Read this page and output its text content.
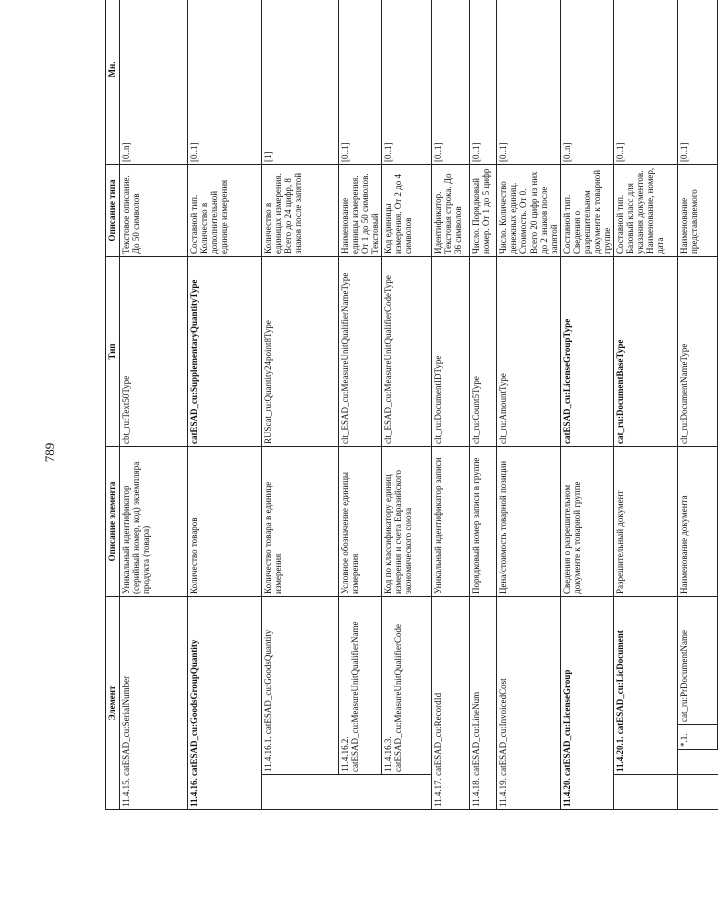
789
Элемент				Описание элемента	Тип	Описание типа	Мн.
11.4.15. catESAD_cu:SerialNumber				Уникальный идентификатор (серийный номер, код) экземпляра продукта (товара)	cbt_ru:Text50Type	Текстовое описание. До 50 символов	[0..n]
11.4.16. catESAD_cu:GoodsGroupQuantity				Количество товаров	catESAD_cu:SupplementaryQuantityType	Составной тип. Количество в дополнительной единице измерения	[0..1]
	11.4.16.1. catESAD_cu:GoodsQuantity			Количество товара в единице измерения	RUScat_ru:Quantity24point8Type	Количество в единицах измерения. Всего до 24 цифр, 8 знаков после запятой	[1]
	11.4.16.2. catESAD_cu:MeasureUnitQualifierName			Условное обозначение единицы измерения	clt_ESAD_cu:MeasureUnitQualifierNameType	Наименование единицы измерения. От 1 до 50 символов. Текстовый	[0..1]
	11.4.16.3. catESAD_cu:MeasureUnitQualifierCode			Код по классификатору единиц измерения и счета Евразийского экономического союза	clt_ESAD_cu:MeasureUnitQualifierCodeType	Код единицы измерения. От 2 до 4 символов	[0..1]
11.4.17. catESAD_cu:RecordId				Уникальный идентификатор записи	clt_ru:DocumentIDType	Идентификатор. Текстовая строка. До 36 символов	[0..1]
11.4.18. catESAD_cu:LineNum				Порядковый номер записи в группе	clt_ru:Count5Type	Число. Порядковый номер. От 1 до 5 цифр	[0..1]
11.4.19. catESAD_cu:InvoicedCost				Цена/стоимость товарной позиции	clt_ru:AmountType	Число. Количество денежных единиц. Стоимость. От 0. Всего 20 цифр из них до 2 знаков после запятой	[0..1]
11.4.20. catESAD_cu:LicenseGroup				Сведения о разрешительном документе к товарной группе	catESAD_cu:LicenseGroupType	Составной тип. Сведения о разрешительном документе к товарной группе	[0..n]
	11.4.20.1. catESAD_cu:LicDocument			Разрешительный документ	cat_ru:DocumentBaseType	Составной тип. Базовый класс для указания документов. Наименование, номер, дата	[0..1]
		*.1.	cat_ru:PrDocumentName	Наименование документа	clt_ru:DocumentNameType	Наименование представляемого	[0..1]
